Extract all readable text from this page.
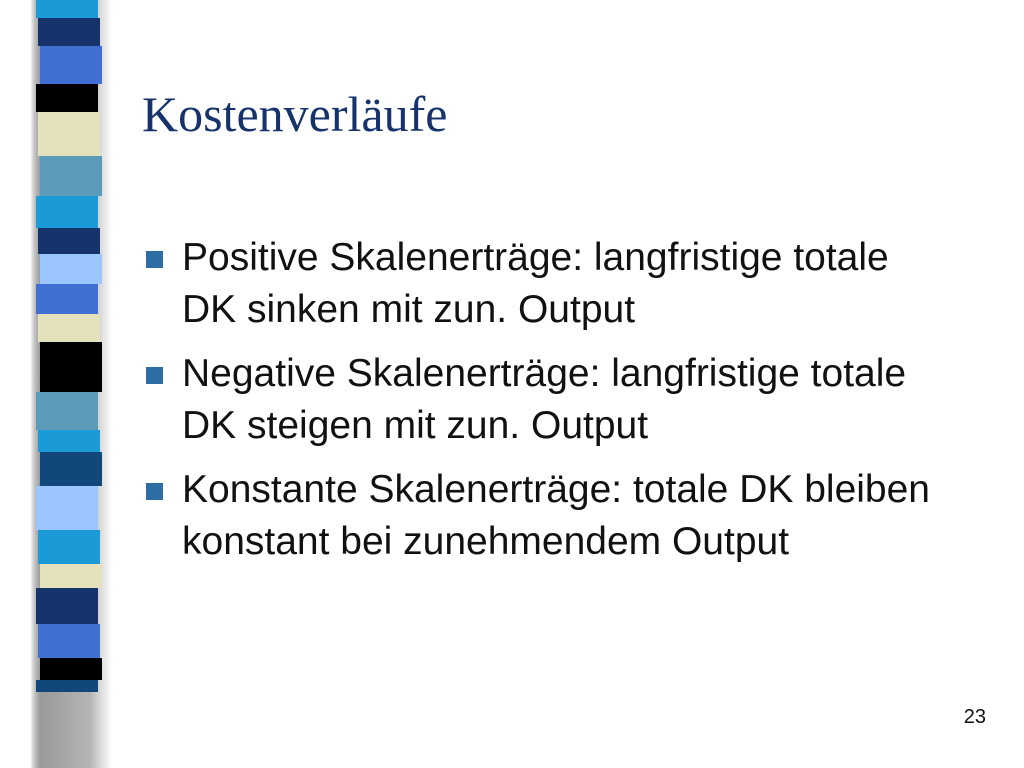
Kostenverläufe
Positive Skalenerträge: langfristige totale DK sinken mit zun. Output
Negative Skalenerträge: langfristige totale DK steigen mit zun. Output
Konstante Skalenerträge: totale DK bleiben konstant bei zunehmendem Output
23
